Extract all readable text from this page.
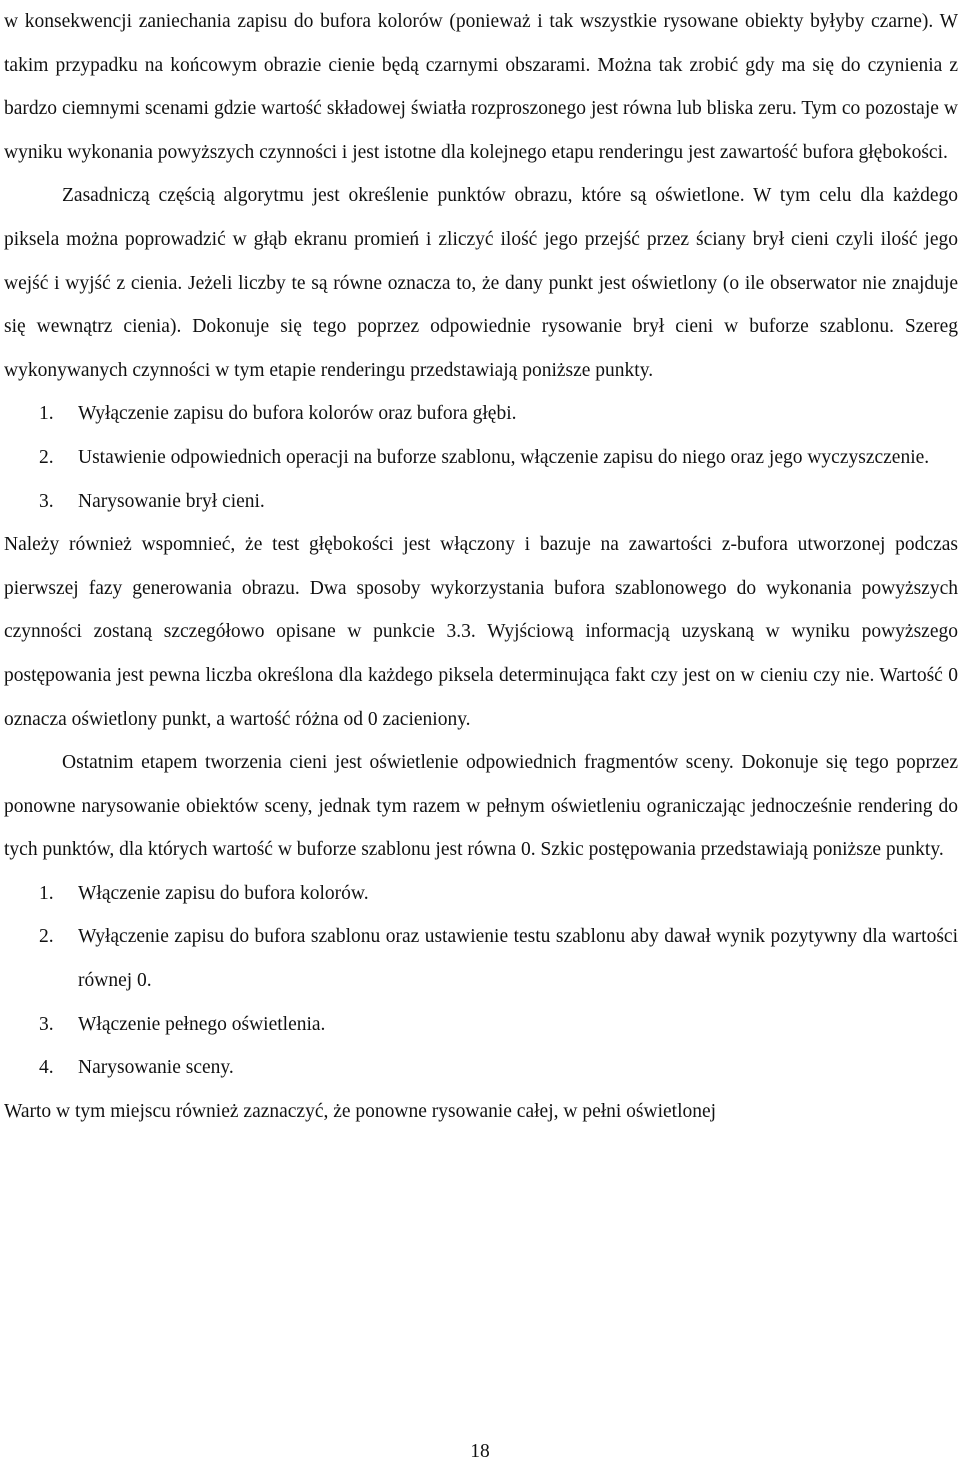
w konsekwencji zaniechania zapisu do bufora kolorów (ponieważ i tak wszystkie rysowane obiekty byłyby czarne). W takim przypadku na końcowym obrazie cienie będą czarnymi obszarami. Można tak zrobić gdy ma się do czynienia z bardzo ciemnymi scenami gdzie wartość składowej światła rozproszonego jest równa lub bliska zeru. Tym co pozostaje w wyniku wykonania powyższych czynności i jest istotne dla kolejnego etapu renderingu jest zawartość bufora głębokości.

Zasadniczą częścią algorytmu jest określenie punktów obrazu, które są oświetlone. W tym celu dla każdego piksela można poprowadzić w głąb ekranu promień i zliczyć ilość jego przejść przez ściany brył cieni czyli ilość jego wejść i wyjść z cienia. Jeżeli liczby te są równe oznacza to, że dany punkt jest oświetlony (o ile obserwator nie znajduje się wewnątrz cienia). Dokonuje się tego poprzez odpowiednie rysowanie brył cieni w buforze szablonu. Szereg wykonywanych czynności w tym etapie renderingu przedstawiają poniższe punkty.

1. Wyłączenie zapisu do bufora kolorów oraz bufora głębi.
2. Ustawienie odpowiednich operacji na buforze szablonu, włączenie zapisu do niego oraz jego wyczyszczenie.
3. Narysowanie brył cieni.

Należy również wspomnieć, że test głębokości jest włączony i bazuje na zawartości z-bufora utworzonej podczas pierwszej fazy generowania obrazu. Dwa sposoby wykorzystania bufora szablonowego do wykonania powyższych czynności zostaną szczegółowo opisane w punkcie 3.3. Wyjściową informacją uzyskaną w wyniku powyższego postępowania jest pewna liczba określona dla każdego piksela determinująca fakt czy jest on w cieniu czy nie. Wartość 0 oznacza oświetlony punkt, a wartość różna od 0 zacieniony.

Ostatnim etapem tworzenia cieni jest oświetlenie odpowiednich fragmentów sceny. Dokonuje się tego poprzez ponowne narysowanie obiektów sceny, jednak tym razem w pełnym oświetleniu ograniczając jednocześnie rendering do tych punktów, dla których wartość w buforze szablonu jest równa 0. Szkic postępowania przedstawiają poniższe punkty.

1. Włączenie zapisu do bufora kolorów.
2. Wyłączenie zapisu do bufora szablonu oraz ustawienie testu szablonu aby dawał wynik pozytywny dla wartości równej 0.
3. Włączenie pełnego oświetlenia.
4. Narysowanie sceny.

Warto w tym miejscu również zaznaczyć, że ponowne rysowanie całej, w pełni oświetlonej

18
